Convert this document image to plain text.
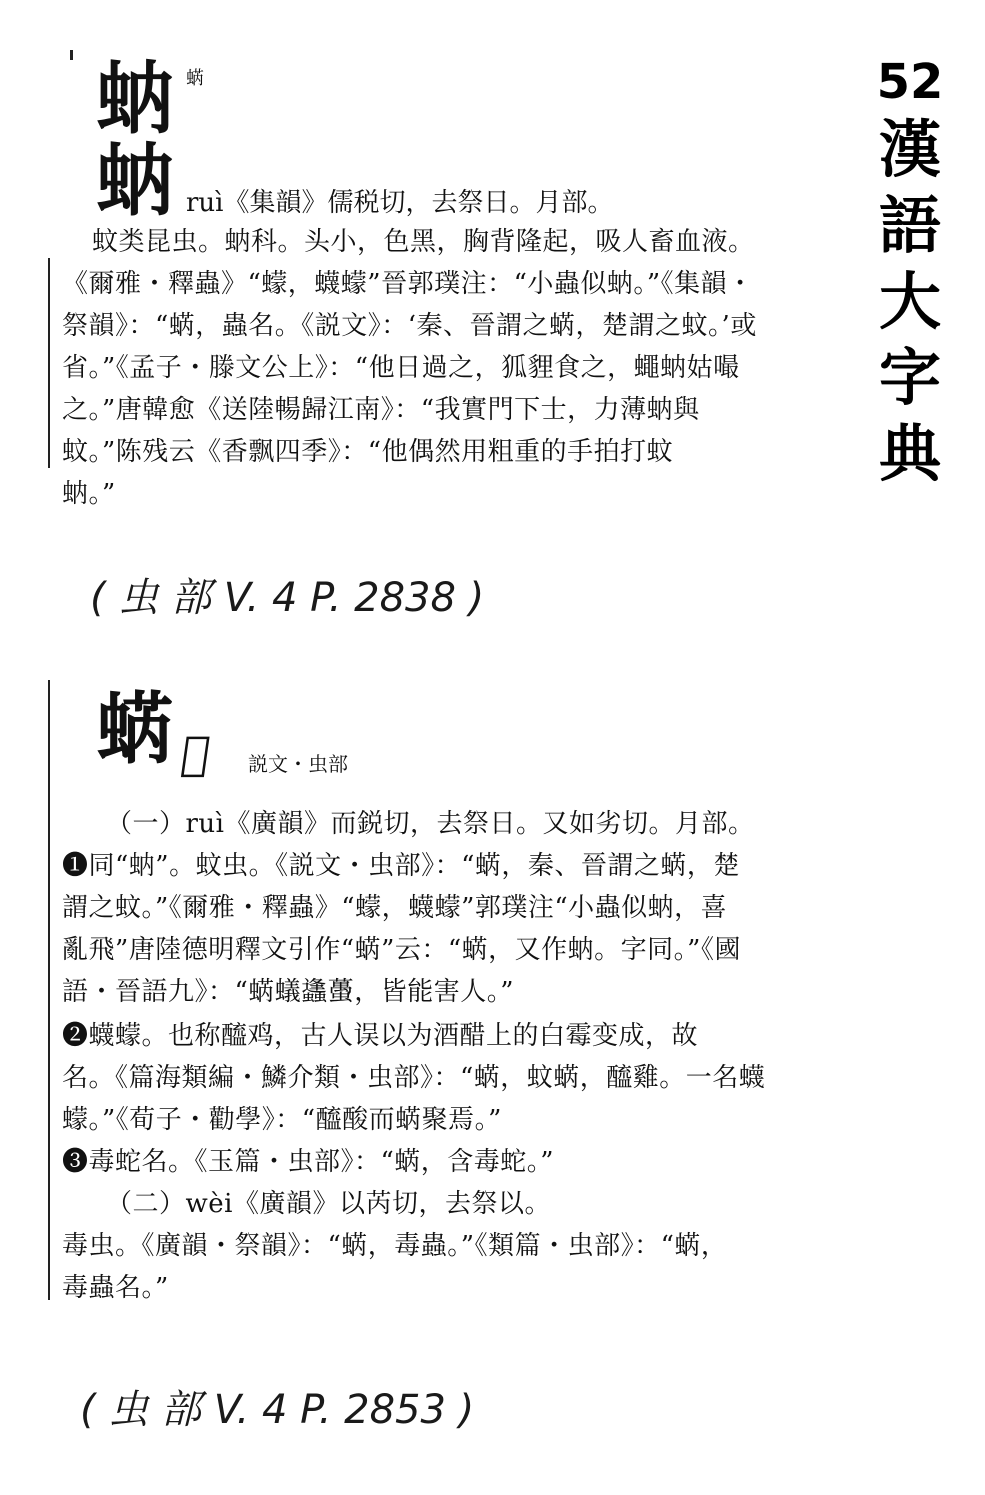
52
漢
語
大
字
典
蚋 蜹
蚋 ruì《集韻》儒税切，去祭日。月部。
蚊类昆虫。蚋科。头小，色黑，胸背隆起，吸人畜血液。
《爾雅・釋蟲》“蠓，蠛蠓”晉郭璞注：“小蟲似蚋。”《集韻・
祭韻》：“蜹，蟲名。《説文》：‘秦、晉謂之蜹，楚謂之蚊。’或
省。”《孟子・滕文公上》：“他日過之，狐貍食之，蠅蚋姑嘬
之。”唐韓愈《送陸暢歸江南》：“我實門下士，力薄蚋與
蚊。”陈残云《香飘四季》：“他偶然用粗重的手拍打蚊
蚋。”
( 虫 部 V. 4 P. 2838 )
蜹 𧉺 説文・虫部
（一）ruì《廣韻》而鋭切，去祭日。又如劣切。月部。
❶同“蚋”。蚊虫。《説文・虫部》：“蜹，秦、晉謂之蜹，楚
謂之蚊。”《爾雅・釋蟲》“蠓，蠛蠓”郭璞注“小蟲似蚋，喜
亂飛”唐陸德明釋文引作“蜹”云：“蜹，又作蚋。字同。”《國
語・晉語九》：“蜹蟻蠭蠆，皆能害人。”
❷蠛蠓。也称醯鸡，古人误以为酒醋上的白霉变成，故
名。《篇海類編・鱗介類・虫部》：“蜹，蚊蜹，醯雞。一名蠛
蠓。”《荀子・勸學》：“醯酸而蜹聚焉。”
❸毒蛇名。《玉篇・虫部》：“蜹，含毒蛇。”
（二）wèi《廣韻》以芮切，去祭以。
毒虫。《廣韻・祭韻》：“蜹，毒蟲。”《類篇・虫部》：“蜹，
毒蟲名。”
( 虫 部 V. 4 P. 2853 )
